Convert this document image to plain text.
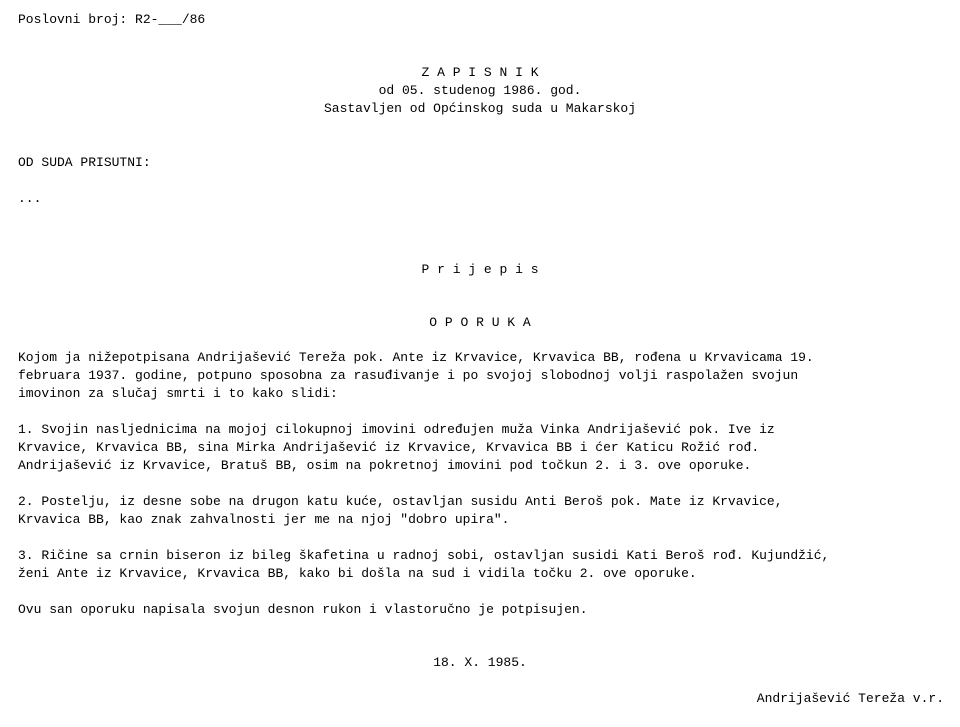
Poslovni broj: R2-___/86
Z A P I S N I K
od 05. studenog 1986. god.
Sastavljen od Općinskog suda u Makarskoj
OD SUDA PRISUTNI:
...
P r i j e p i s
O P O R U K A
Kojom ja nižepotpisana Andrijašević Tereža pok. Ante iz Krvavice, Krvavica BB, rođena u Krvavicama 19.
februara 1937. godine, potpuno sposobna za rasuđivanje i po svojoj slobodnoj volji raspolažen svojun
imovinon za slučaj smrti i to kako slidi:
1. Svojin nasljednicima na mojoj cilokupnoj imovini određujen muža Vinka Andrijašević pok. Ive iz
Krvavice, Krvavica BB, sina Mirka Andrijašević iz Krvavice, Krvavica BB i ćer Katicu Rožić rođ.
Andrijašević iz Krvavice, Bratuš BB, osim na pokretnoj imovini pod točkun 2. i 3. ove oporuke.
2. Postelju, iz desne sobe na drugon katu kuće, ostavljan susidu Anti Beroš pok. Mate iz Krvavice,
Krvavica BB, kao znak zahvalnosti jer me na njoj "dobro upira".
3. Ričine sa crnin biseron iz bileg škafetina u radnoj sobi, ostavljan susidi Kati Beroš rođ. Kujundžić,
ženi Ante iz Krvavice, Krvavica BB, kako bi došla na sud i vidila točku 2. ove oporuke.
Ovu san oporuku napisala svojun desnon rukon i vlastoručno je potpisujen.
18. X. 1985.
Andrijašević Tereža v.r.
